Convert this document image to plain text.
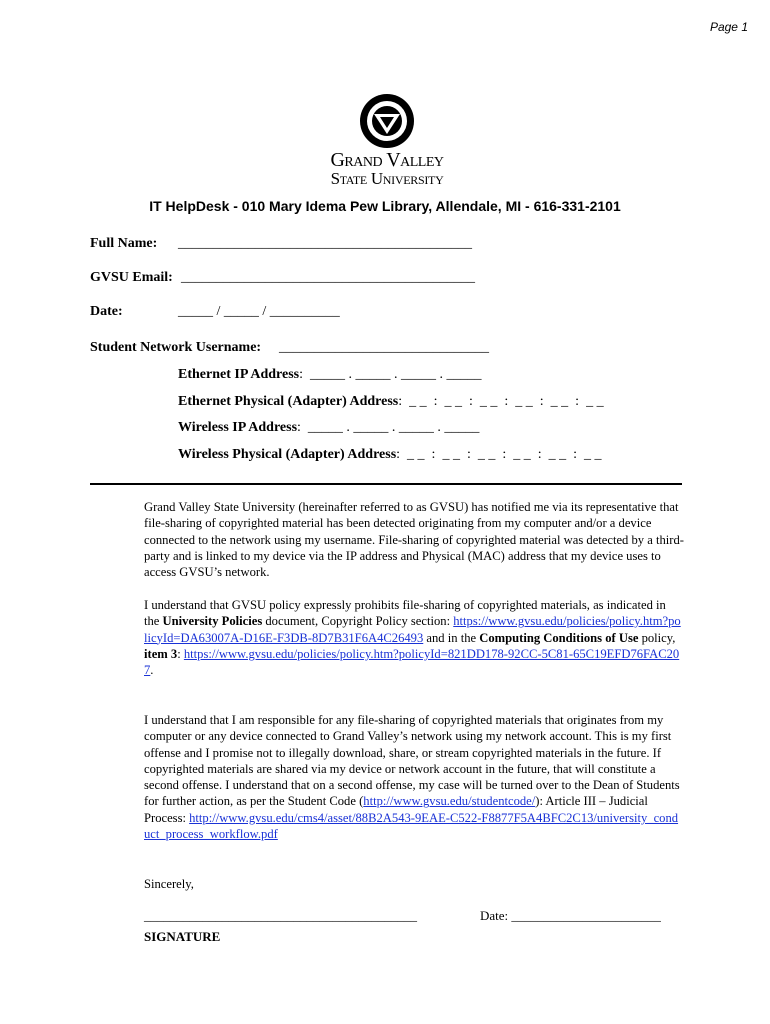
Page 1
Grand Valley
State University
IT HelpDesk - 010 Mary Idema Pew Library, Allendale, MI - 616-331-2101
Full Name: __________________________________________
GVSU Email: __________________________________________
Date:	_____ / _____ / __________
Student Network Username: ______________________________
Ethernet IP Address:  _____ . _____ . _____ . _____
Ethernet Physical (Adapter) Address:  _ _  :  _ _  :  _ _  :  _ _  :  _ _  :  _ _
Wireless IP Address:  _____ . _____ . _____ . _____
Wireless Physical (Adapter) Address:  _ _  :  _ _  :  _ _  :  _ _  :  _ _  :  _ _

Grand Valley State University (hereinafter referred to as GVSU) has notified me via its representative that file-sharing of copyrighted material has been detected originating from my computer and/or a device connected to the network using my username. File-sharing of copyrighted material was detected by a third-party and is linked to my device via the IP address and Physical (MAC) address that my device uses to access GVSU’s network.

I understand that GVSU policy expressly prohibits file-sharing of copyrighted materials, as indicated in the University Policies document, Copyright Policy section: https://www.gvsu.edu/policies/policy.htm?policyId=DA63007A-D16E-F3DB-8D7B31F6A4C26493 and in the Computing Conditions of Use policy, item 3: https://www.gvsu.edu/policies/policy.htm?policyId=821DD178-92CC-5C81-65C19EFD76FAC207.

I understand that I am responsible for any file-sharing of copyrighted materials that originates from my computer or any device connected to Grand Valley’s network using my network account. This is my first offense and I promise not to illegally download, share, or stream copyrighted materials in the future. If copyrighted materials are shared via my device or network account in the future, that will constitute a second offense. I understand that on a second offense, my case will be turned over to the Dean of Students for further action, as per the Student Code (http://www.gvsu.edu/studentcode/): Article III – Judicial Process: http://www.gvsu.edu/cms4/asset/88B2A543-9EAE-C522-F8877F5A4BFC2C13/university_conduct_process_workflow.pdf

Sincerely,

__________________________________________
SIGNATURE
Date: _______________________
